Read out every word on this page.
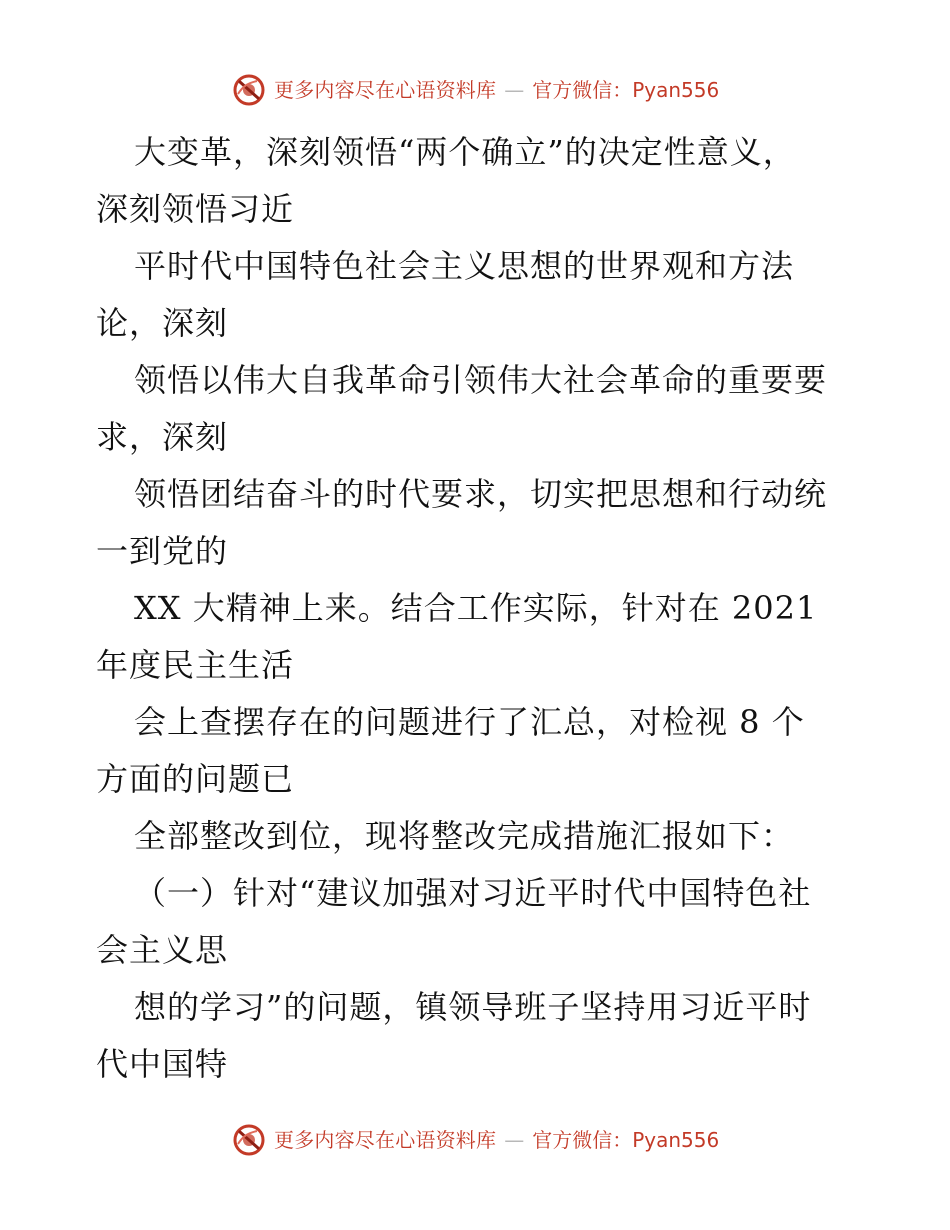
更多内容尽在心语资料库 — 官方微信：Pyan556
大变革，深刻领悟“两个确立”的决定性意义，
深刻领悟习近
平时代中国特色社会主义思想的世界观和方法
论，深刻
领悟以伟大自我革命引领伟大社会革命的重要要
求，深刻
领悟团结奋斗的时代要求，切实把思想和行动统
一到党的
XX 大精神上来。结合工作实际，针对在 2021
年度民主生活
会上查摆存在的问题进行了汇总，对检视 8 个
方面的问题已
全部整改到位，现将整改完成措施汇报如下：
（一）针对“建议加强对习近平时代中国特色社
会主义思
想的学习”的问题，镇领导班子坚持用习近平时
代中国特
更多内容尽在心语资料库 — 官方微信：Pyan556
